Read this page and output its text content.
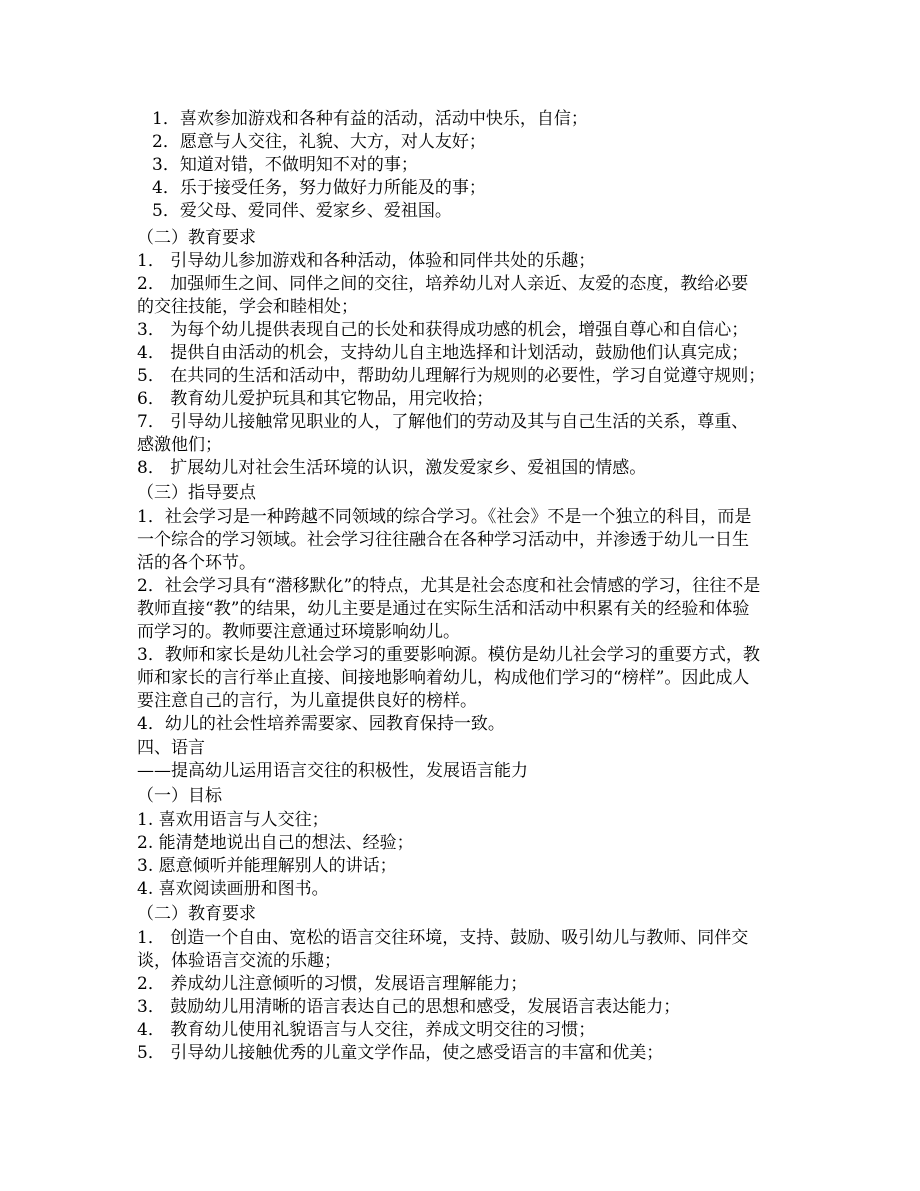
1．喜欢参加游戏和各种有益的活动，活动中快乐，自信；
2．愿意与人交往，礼貌、大方，对人友好；
3．知道对错，不做明知不对的事；
4．乐于接受任务，努力做好力所能及的事；
5．爱父母、爱同伴、爱家乡、爱祖国。
（二）教育要求
1． 引导幼儿参加游戏和各种活动，体验和同伴共处的乐趣；
2． 加强师生之间、同伴之间的交往，培养幼儿对人亲近、友爱的态度，教给必要
的交往技能，学会和睦相处；
3． 为每个幼儿提供表现自己的长处和获得成功感的机会，增强自尊心和自信心；
4． 提供自由活动的机会，支持幼儿自主地选择和计划活动，鼓励他们认真完成；
5． 在共同的生活和活动中，帮助幼儿理解行为规则的必要性，学习自觉遵守规则；
6． 教育幼儿爱护玩具和其它物品，用完收拾；
7． 引导幼儿接触常见职业的人，了解他们的劳动及其与自己生活的关系，尊重、
感激他们；
8． 扩展幼儿对社会生活环境的认识，激发爱家乡、爱祖国的情感。
（三）指导要点
1．社会学习是一种跨越不同领域的综合学习。《社会》不是一个独立的科目，而是
一个综合的学习领域。社会学习往往融合在各种学习活动中，并渗透于幼儿一日生
活的各个环节。
2．社会学习具有“潜移默化”的特点，尤其是社会态度和社会情感的学习，往往不是
教师直接“教”的结果，幼儿主要是通过在实际生活和活动中积累有关的经验和体验
而学习的。教师要注意通过环境影响幼儿。
3．教师和家长是幼儿社会学习的重要影响源。模仿是幼儿社会学习的重要方式，教
师和家长的言行举止直接、间接地影响着幼儿，构成他们学习的“榜样”。因此成人
要注意自己的言行，为儿童提供良好的榜样。
4．幼儿的社会性培养需要家、园教育保持一致。
四、语言
——提高幼儿运用语言交往的积极性，发展语言能力
（一）目标
1. 喜欢用语言与人交往；
2. 能清楚地说出自己的想法、经验；
3. 愿意倾听并能理解别人的讲话；
4. 喜欢阅读画册和图书。
（二）教育要求
1． 创造一个自由、宽松的语言交往环境，支持、鼓励、吸引幼儿与教师、同伴交
谈，体验语言交流的乐趣；
2． 养成幼儿注意倾听的习惯，发展语言理解能力；
3． 鼓励幼儿用清晰的语言表达自己的思想和感受，发展语言表达能力；
4． 教育幼儿使用礼貌语言与人交往，养成文明交往的习惯；
5． 引导幼儿接触优秀的儿童文学作品，使之感受语言的丰富和优美；
